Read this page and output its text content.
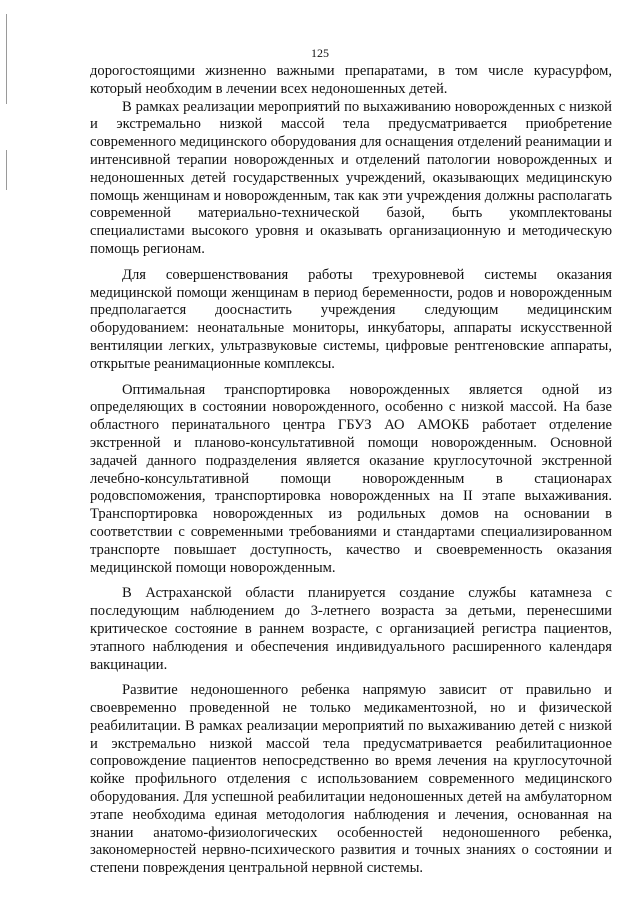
125

дорогостоящими жизненно важными препаратами, в том числе курасурфом, который необходим в лечении всех недоношенных детей.

В рамках реализации мероприятий по выхаживанию новорожденных с низкой и экстремально низкой массой тела предусматривается приобретение современного медицинского оборудования для оснащения отделений реанимации и интенсивной терапии новорожденных и отделений патологии новорожденных и недоношенных детей государственных учреждений, оказывающих медицинскую помощь женщинам и новорожденным, так как эти учреждения должны располагать современной материально-технической базой, быть укомплектованы специалистами высокого уровня и оказывать организационную и методическую помощь регионам.

Для совершенствования работы трехуровневой системы оказания медицинской помощи женщинам в период беременности, родов и новорожденным предполагается дооснастить учреждения следующим медицинским оборудованием: неонатальные мониторы, инкубаторы, аппараты искусственной вентиляции легких, ультразвуковые системы, цифровые рентгеновские аппараты, открытые реанимационные комплексы.

Оптимальная транспортировка новорожденных является одной из определяющих в состоянии новорожденного, особенно с низкой массой. На базе областного перинатального центра ГБУЗ АО АМОКБ работает отделение экстренной и планово-консультативной помощи новорожденным. Основной задачей данного подразделения является оказание круглосуточной экстренной лечебно-консультативной помощи новорожденным в стационарах родовспоможения, транспортировка новорожденных на II этапе выхаживания. Транспортировка новорожденных из родильных домов на основании в соответствии с современными требованиями и стандартами специализированном транспорте повышает доступность, качество и своевременность оказания медицинской помощи новорожденным.

В Астраханской области планируется создание службы катамнеза с последующим наблюдением до 3-летнего возраста за детьми, перенесшими критическое состояние в раннем возрасте, с организацией регистра пациентов, этапного наблюдения и обеспечения индивидуального расширенного календаря вакцинации.

Развитие недоношенного ребенка напрямую зависит от правильно и своевременно проведенной не только медикаментозной, но и физической реабилитации. В рамках реализации мероприятий по выхаживанию детей с низкой и экстремально низкой массой тела предусматривается реабилитационное сопровождение пациентов непосредственно во время лечения на круглосуточной койке профильного отделения с использованием современного медицинского оборудования. Для успешной реабилитации недоношенных детей на амбулаторном этапе необходима единая методология наблюдения и лечения, основанная на знании анатомо-физиологических особенностей недоношенного ребенка, закономерностей нервно-психического развития и точных знаниях о состоянии и степени повреждения центральной нервной системы.
